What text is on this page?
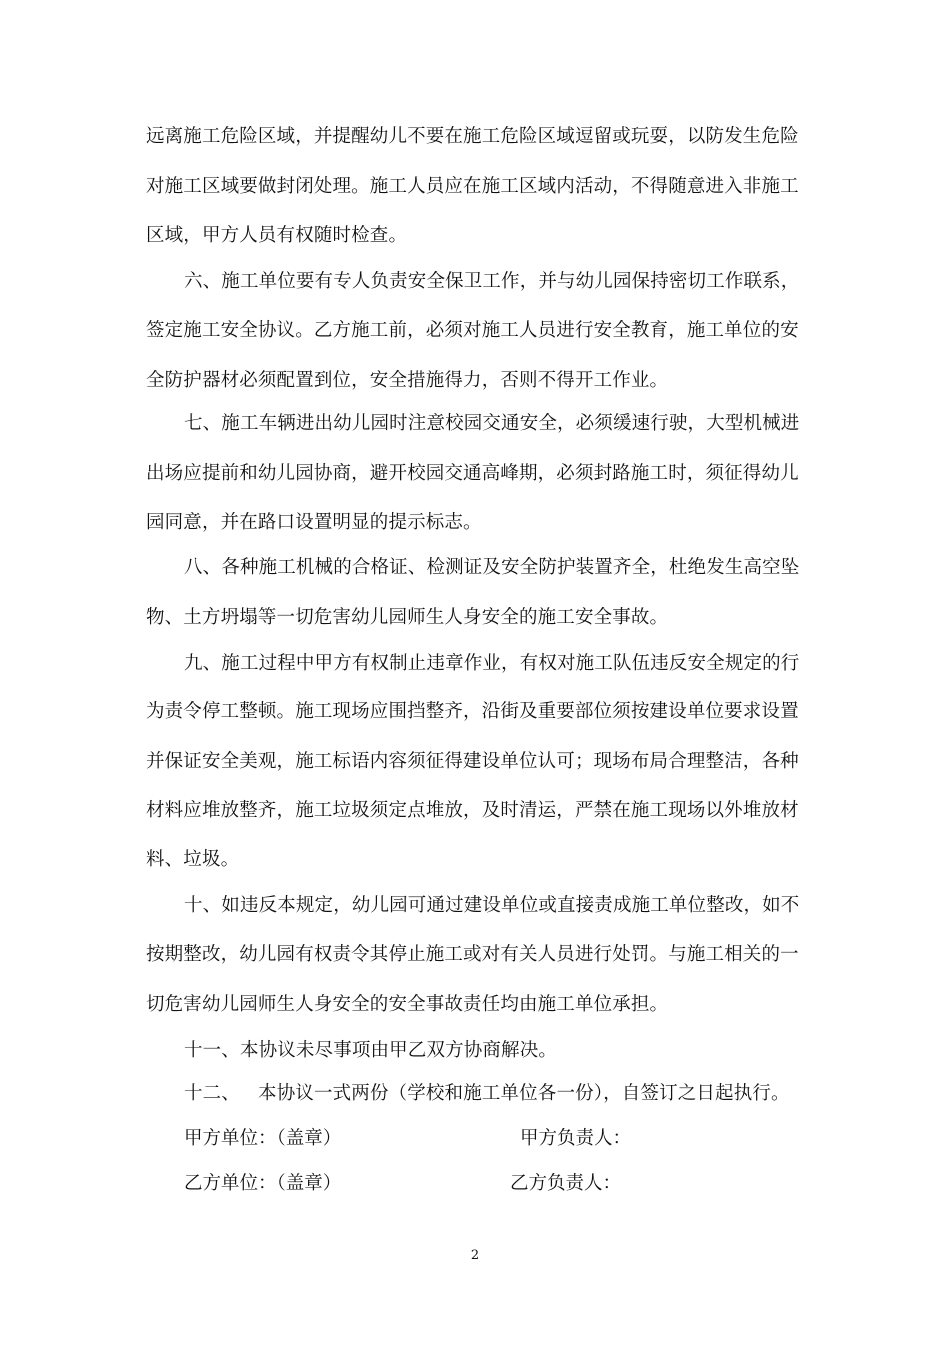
远离施工危险区域，并提醒幼儿不要在施工危险区域逗留或玩耍，以防发生危险
对施工区域要做封闭处理。施工人员应在施工区域内活动，不得随意进入非施工
区域，甲方人员有权随时检查。
六、施工单位要有专人负责安全保卫工作，并与幼儿园保持密切工作联系，
签定施工安全协议。乙方施工前，必须对施工人员进行安全教育，施工单位的安
全防护器材必须配置到位，安全措施得力，否则不得开工作业。
七、施工车辆进出幼儿园时注意校园交通安全，必须缓速行驶，大型机械进
出场应提前和幼儿园协商，避开校园交通高峰期，必须封路施工时，须征得幼儿
园同意，并在路口设置明显的提示标志。
八、各种施工机械的合格证、检测证及安全防护装置齐全，杜绝发生高空坠
物、土方坍塌等一切危害幼儿园师生人身安全的施工安全事故。
九、施工过程中甲方有权制止违章作业，有权对施工队伍违反安全规定的行
为责令停工整顿。施工现场应围挡整齐，沿街及重要部位须按建设单位要求设置
并保证安全美观，施工标语内容须征得建设单位认可；现场布局合理整洁，各种
材料应堆放整齐，施工垃圾须定点堆放，及时清运，严禁在施工现场以外堆放材
料、垃圾。
十、如违反本规定，幼儿园可通过建设单位或直接责成施工单位整改，如不
按期整改，幼儿园有权责令其停止施工或对有关人员进行处罚。与施工相关的一
切危害幼儿园师生人身安全的安全事故责任均由施工单位承担。
十一、本协议未尽事项由甲乙双方协商解决。
十二、   本协议一式两份（学校和施工单位各一份），自签订之日起执行。
甲方单位：（盖章）	甲方负责人：
乙方单位：（盖章）	乙方负责人：
2
